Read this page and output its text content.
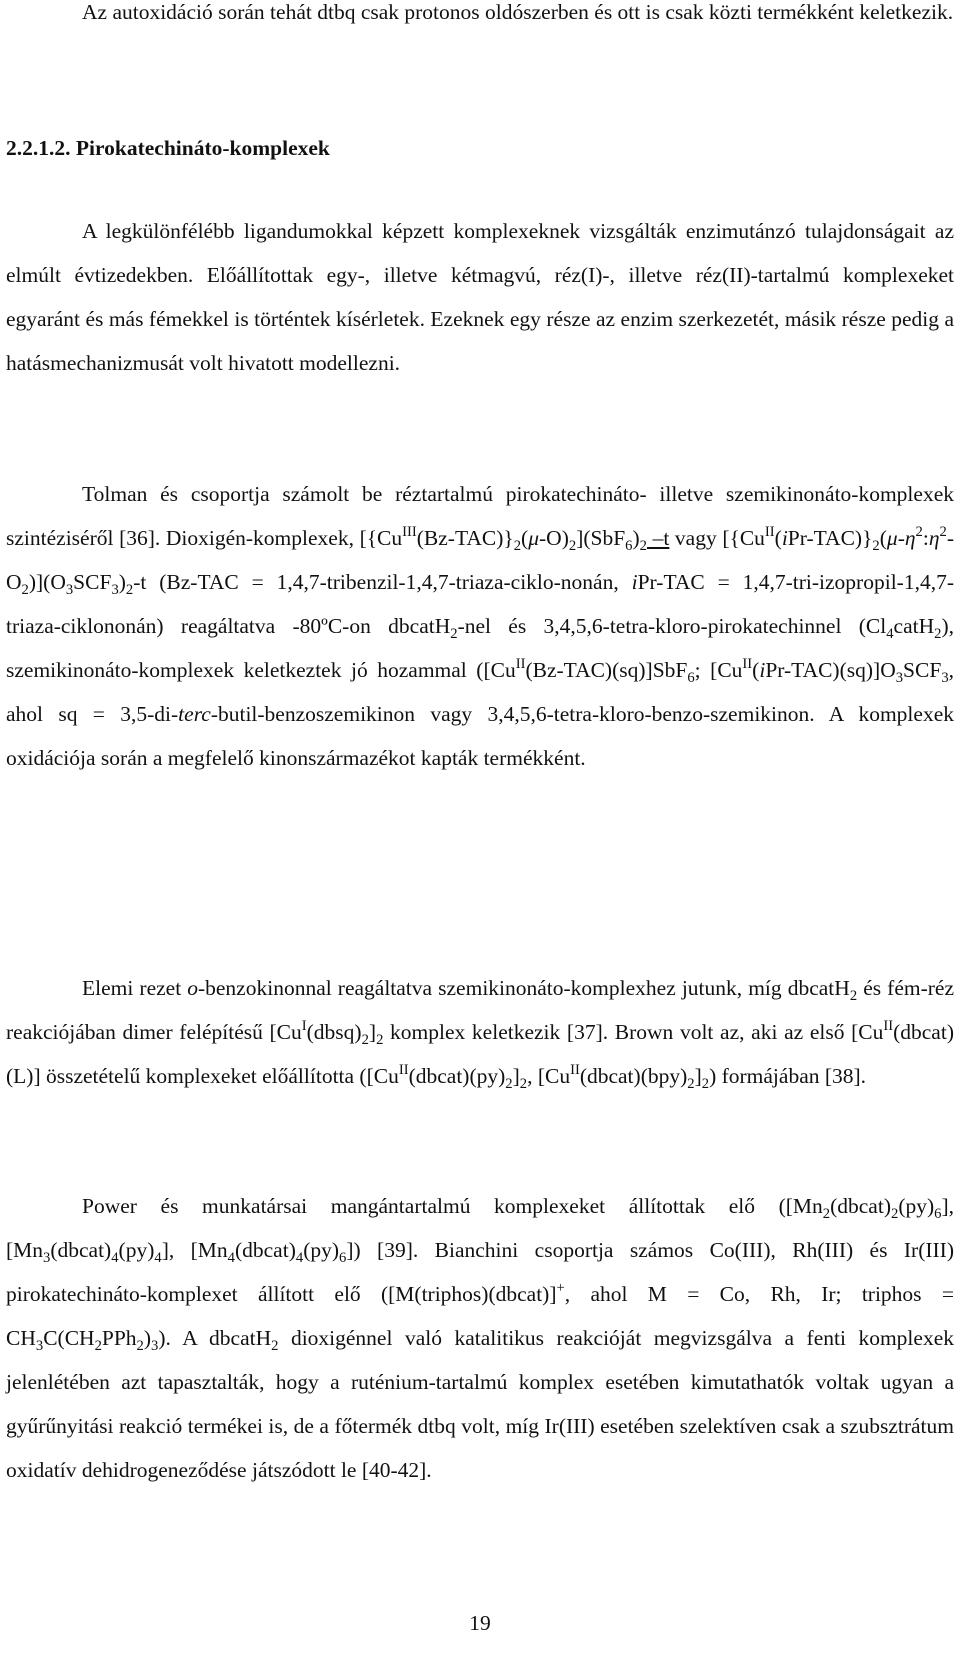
Az autoxidáció során tehát dtbq csak protonos oldószerben és ott is csak közti termékként keletkezik.

2.2.1.2. Pirokatechináto-komplexek

A legkülönfélébb ligandumokkal képzett komplexeknek vizsgálták enzimutánzó tulajdonságait az elmúlt évtizedekben. Előállítottak egy-, illetve kétmagvú, réz(I)-, illetve réz(II)-tartalmú komplexeket egyaránt és más fémekkel is történtek kísérletek. Ezeknek egy része az enzim szerkezetét, másik része pedig a hatásmechanizmusát volt hivatott modellezni.

Tolman és csoportja számolt be réztartalmú pirokatechináto- illetve szemikinonáto-komplexek szintéziséről [36]. Dioxigén-komplexek, $[\{Cu^{III}(Bz-TAC)\}_2(\mu-O)_2](SbF_6)_2$ –t vagy $[\{Cu^{II}(iPr-TAC)\}_2(\mu-\eta^2:\eta^2-O_2)](O_3SCF_3)_2-t$ (Bz-TAC = 1,4,7-tribenzil-1,4,7-triaza-ciklo-nonán, iPr-TAC = 1,4,7-tri-izopropil-1,4,7-triaza-ciklononán) reagáltatva -80ºC-on dbcatH$_2$-nel és 3,4,5,6-tetra-kloro-pirokatechinnel $(Cl_4catH_2)$, szemikinonáto-komplexek keletkeztek jó hozammal ($[Cu^{II}(Bz-TAC)(sq)]SbF_6$; $[Cu^{II}(iPr-TAC)(sq)]O_3SCF_3$, ahol sq = 3,5-di-terc-butil-benzoszemikinon vagy 3,4,5,6-tetra-kloro-benzo-szemikinon. A komplexek oxidációja során a megfelelő kinonszármazékot kapták termékként.

Elemi rezet o-benzokinonnal reagáltatva szemikinonáto-komplexhez jutunk, míg dbcatH$_2$ és fém-réz reakciójában dimer felépítésű $[Cu^I(dbsq)_2]_2$ komplex keletkezik [37]. Brown volt az, aki az első $[Cu^{II}(dbcat)(L)]$ összetételű komplexeket előállította ($[Cu^{II}(dbcat)(py)_2]_2$, $[Cu^{II}(dbcat)(bpy)_2]_2$) formájában [38].

Power és munkatársai mangántartalmú komplexeket állítottak elő ($[Mn_2(dbcat)_2(py)_6]$, $[Mn_3(dbcat)_4(py)_4]$, $[Mn_4(dbcat)_4(py)_6]$) [39]. Bianchini csoportja számos Co(III), Rh(III) és Ir(III) pirokatechináto-komplexet állított elő ([M(triphos)(dbcat)]+, ahol M = Co, Rh, Ir; triphos = $CH_3C(CH_2PPh_2)_3$). A dbcatH$_2$ dioxigénnel való katalitikus reakcióját megvizsgálva a fenti komplexek jelenlétében azt tapasztalták, hogy a ruténium-tartalmú komplex esetében kimutathatók voltak ugyan a gyűrűnyitási reakció termékei is, de a főtermék dtbq volt, míg Ir(III) esetében szelektíven csak a szubsztrátum oxidatív dehidrogeneződése játszódott le [40-42].

19
